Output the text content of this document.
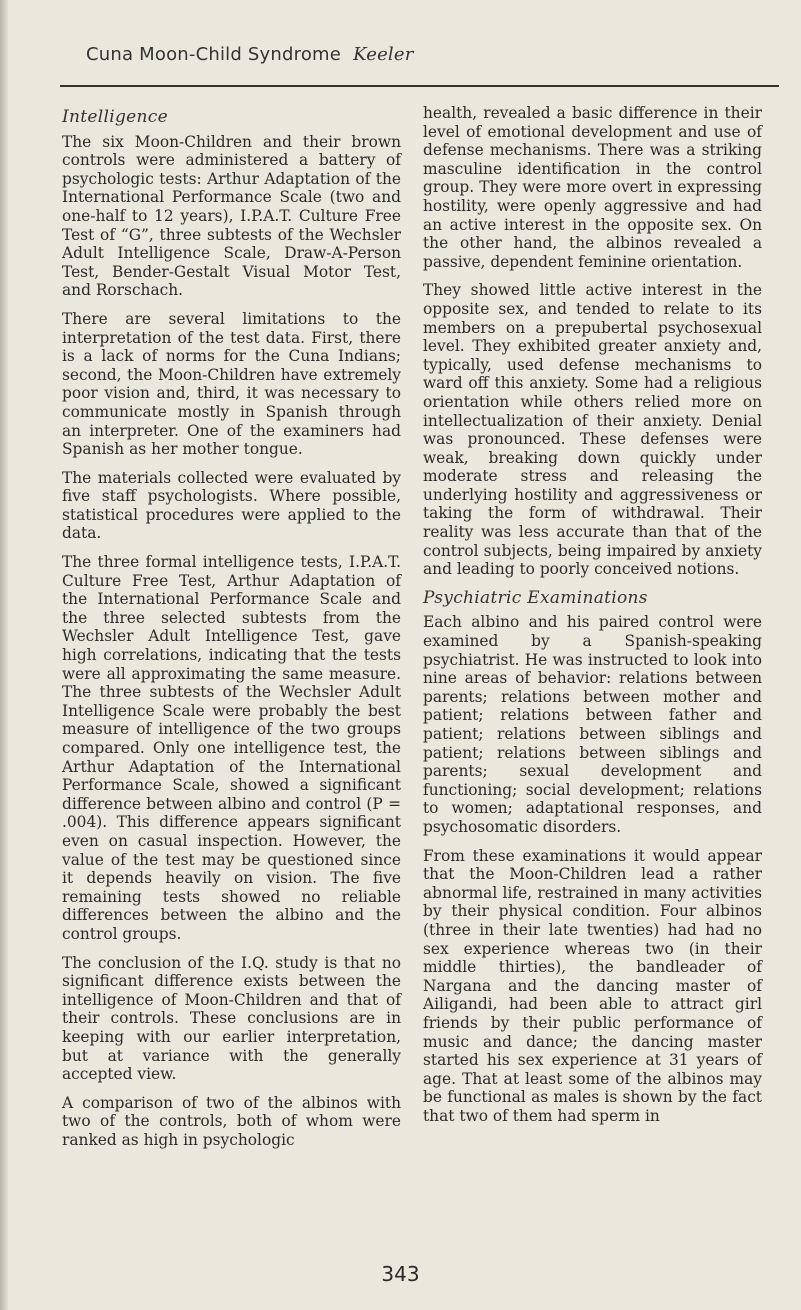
Cuna Moon-Child Syndrome Keeler
Intelligence

The six Moon-Children and their brown controls were administered a battery of psychologic tests: Arthur Adaptation of the International Performance Scale (two and one-half to 12 years), I.P.A.T. Culture Free Test of “G”, three subtests of the Wechsler Adult Intelligence Scale, Draw-A-Person Test, Bender-Gestalt Visual Motor Test, and Rorschach.

There are several limitations to the interpretation of the test data. First, there is a lack of norms for the Cuna Indians; second, the Moon-Children have extremely poor vision and, third, it was necessary to communicate mostly in Spanish through an interpreter. One of the examiners had Spanish as her mother tongue.

The materials collected were evaluated by five staff psychologists. Where possible, statistical procedures were applied to the data.

The three formal intelligence tests, I.P.A.T. Culture Free Test, Arthur Adaptation of the International Performance Scale and the three selected subtests from the Wechsler Adult Intelligence Test, gave high correlations, indicating that the tests were all approximating the same measure. The three subtests of the Wechsler Adult Intelligence Scale were probably the best measure of intelligence of the two groups compared. Only one intelligence test, the Arthur Adaptation of the International Performance Scale, showed a significant difference between albino and control (P = .004). This difference appears significant even on casual inspection. However, the value of the test may be questioned since it depends heavily on vision. The five remaining tests showed no reliable differences between the albino and the control groups.

The conclusion of the I.Q. study is that no significant difference exists between the intelligence of Moon-Children and that of their controls. These conclusions are in keeping with our earlier interpretation, but at variance with the generally accepted view.

A comparison of two of the albinos with two of the controls, both of whom were ranked as high in psychologic

health, revealed a basic difference in their level of emotional development and use of defense mechanisms. There was a striking masculine identification in the control group. They were more overt in expressing hostility, were openly aggressive and had an active interest in the opposite sex. On the other hand, the albinos revealed a passive, dependent feminine orientation.

They showed little active interest in the opposite sex, and tended to relate to its members on a prepubertal psychosexual level. They exhibited greater anxiety and, typically, used defense mechanisms to ward off this anxiety. Some had a religious orientation while others relied more on intellectualization of their anxiety. Denial was pronounced. These defenses were weak, breaking down quickly under moderate stress and releasing the underlying hostility and aggressiveness or taking the form of withdrawal. Their reality was less accurate than that of the control subjects, being impaired by anxiety and leading to poorly conceived notions.

Psychiatric Examinations

Each albino and his paired control were examined by a Spanish-speaking psychiatrist. He was instructed to look into nine areas of behavior: relations between parents; relations between mother and patient; relations between father and patient; relations between siblings and patient; relations between siblings and parents; sexual development and functioning; social development; relations to women; adaptational responses, and psychosomatic disorders.

From these examinations it would appear that the Moon-Children lead a rather abnormal life, restrained in many activities by their physical condition. Four albinos (three in their late twenties) had had no sex experience whereas two (in their middle thirties), the bandleader of Nargana and the dancing master of Ailigandi, had been able to attract girl friends by their public performance of music and dance; the dancing master started his sex experience at 31 years of age. That at least some of the albinos may be functional as males is shown by the fact that two of them had sperm in

343
